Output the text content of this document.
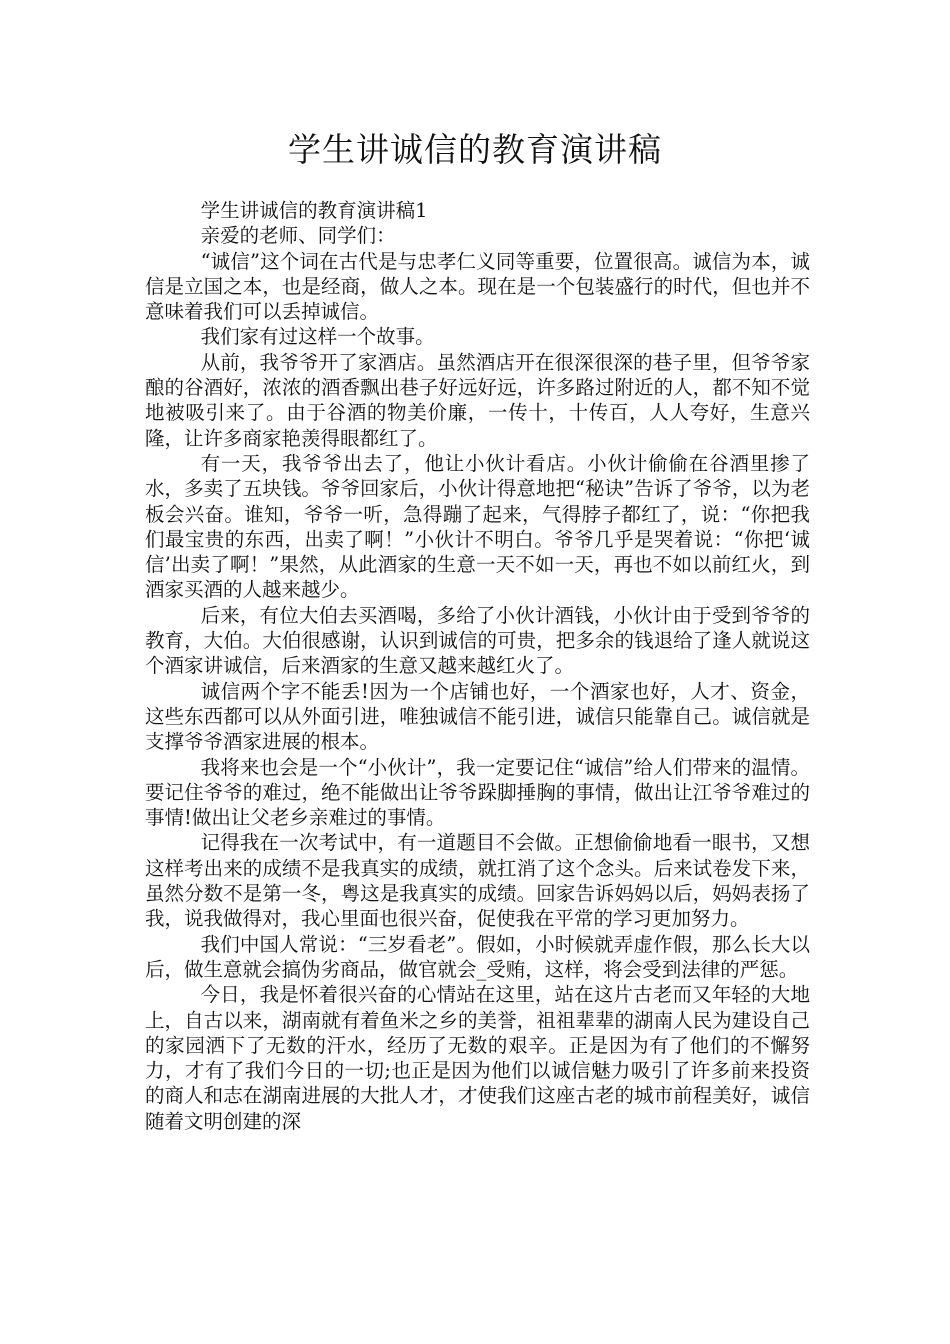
学生讲诚信的教育演讲稿

学生讲诚信的教育演讲稿1

亲爱的老师、同学们：

“诚信”这个词在古代是与忠孝仁义同等重要，位置很高。诚信为本，诚信是立国之本，也是经商，做人之本。现在是一个包装盛行的时代，但也并不意味着我们可以丢掉诚信。

我们家有过这样一个故事。

从前，我爷爷开了家酒店。虽然酒店开在很深很深的巷子里，但爷爷家酿的谷酒好，浓浓的酒香飘出巷子好远好远，许多路过附近的人，都不知不觉地被吸引来了。由于谷酒的物美价廉，一传十，十传百，人人夸好，生意兴隆，让许多商家艳羡得眼都红了。

有一天，我爷爷出去了，他让小伙计看店。小伙计偷偷在谷酒里掺了水，多卖了五块钱。爷爷回家后，小伙计得意地把“秘诀”告诉了爷爷，以为老板会兴奋。谁知，爷爷一听，急得蹦了起来，气得脖子都红了，说：“你把我们最宝贵的东西，出卖了啊！”小伙计不明白。爷爷几乎是哭着说：“你把‘诚信’出卖了啊！”果然，从此酒家的生意一天不如一天，再也不如以前红火，到酒家买酒的人越来越少。

后来，有位大伯去买酒喝，多给了小伙计酒钱，小伙计由于受到爷爷的教育，大伯。大伯很感谢，认识到诚信的可贵，把多余的钱退给了逢人就说这个酒家讲诚信，后来酒家的生意又越来越红火了。

诚信两个字不能丢!因为一个店铺也好，一个酒家也好，人才、资金，这些东西都可以从外面引进，唯独诚信不能引进，诚信只能靠自己。诚信就是支撑爷爷酒家进展的根本。

我将来也会是一个“小伙计”，我一定要记住“诚信”给人们带来的温情。要记住爷爷的难过，绝不能做出让爷爷跺脚捶胸的事情，做出让江爷爷难过的事情!做出让父老乡亲难过的事情。

记得我在一次考试中，有一道题目不会做。正想偷偷地看一眼书，又想这样考出来的成绩不是我真实的成绩，就扛消了这个念头。后来试卷发下来，虽然分数不是第一冬，粤这是我真实的成绩。回家告诉妈妈以后，妈妈表扬了我，说我做得对，我心里面也很兴奋，促使我在平常的学习更加努力。

我们中国人常说：“三岁看老”。假如，小时候就弄虚作假，那么长大以后，做生意就会搞伪劣商品，做官就会_受贿，这样，将会受到法律的严惩。

今日，我是怀着很兴奋的心情站在这里，站在这片古老而又年轻的大地上，自古以来，湖南就有着鱼米之乡的美誉，祖祖辈辈的湖南人民为建设自己的家园洒下了无数的汗水，经历了无数的艰辛。正是因为有了他们的不懈努力，才有了我们今日的一切;也正是因为他们以诚信魅力吸引了许多前来投资的商人和志在湖南进展的大批人才，才使我们这座古老的城市前程美好，诚信随着文明创建的深
